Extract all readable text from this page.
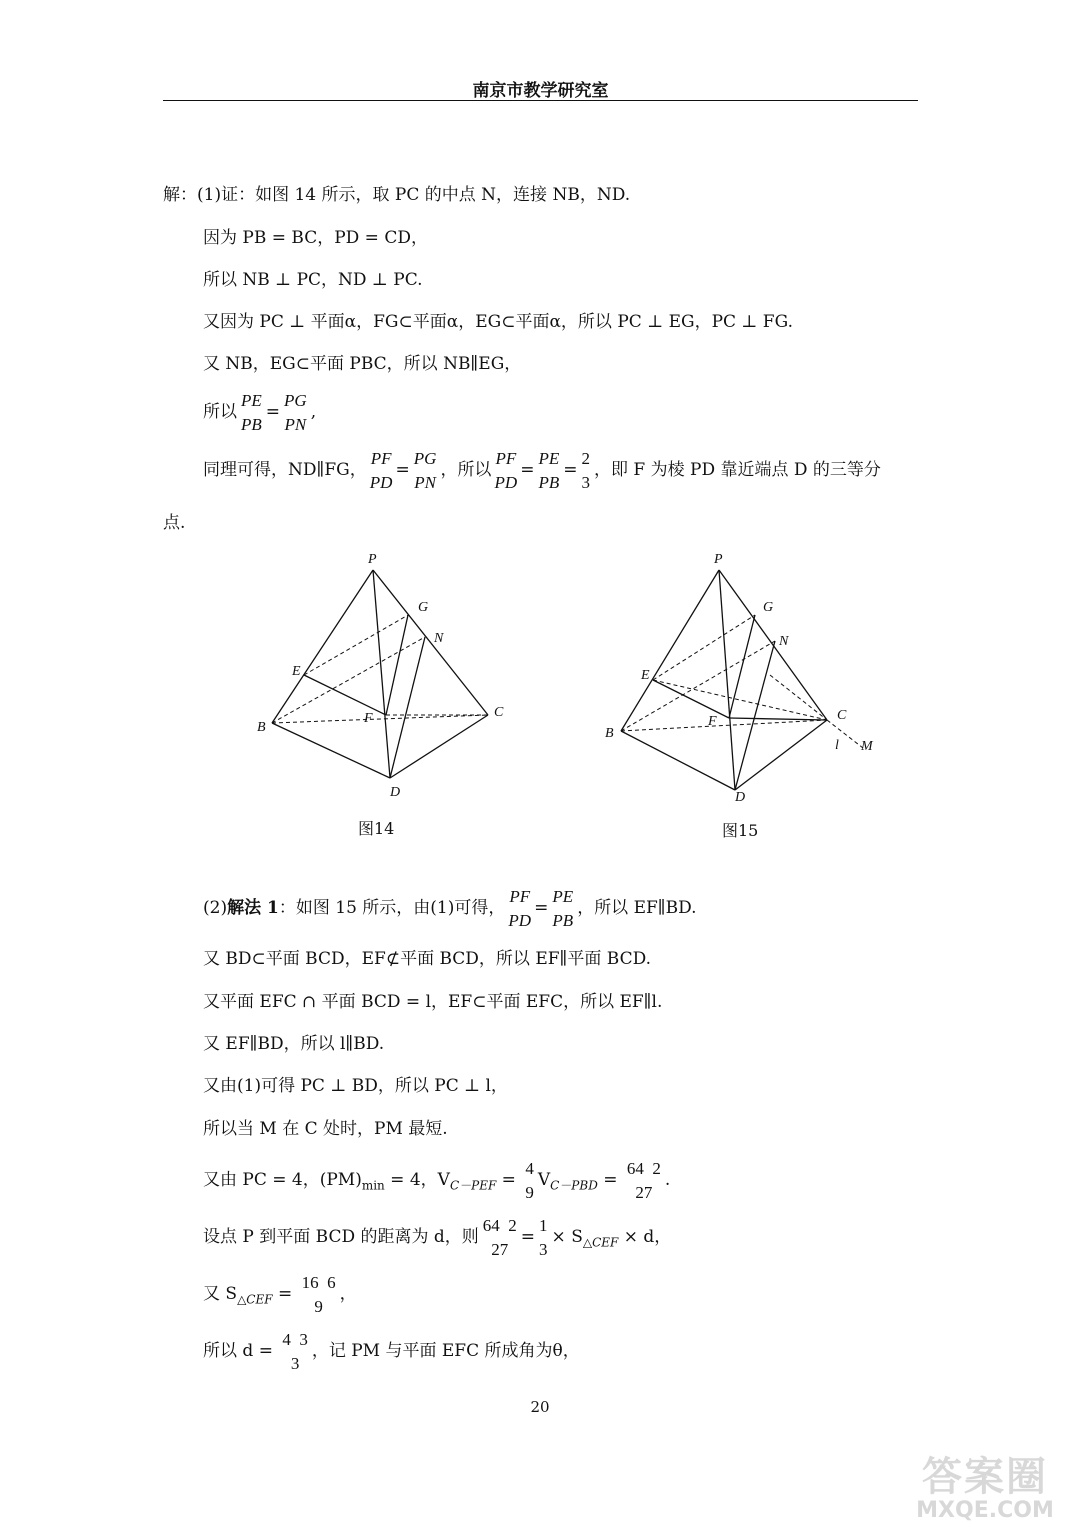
南京市教学研究室
解：(1)证：如图 14 所示，取 PC 的中点 N，连接 NB，ND.
因为 PB = BC，PD = CD，
所以 NB ⊥ PC，ND ⊥ PC.
又因为 PC ⊥ 平面α，FG⊂平面α，EG⊂平面α，所以 PC ⊥ EG，PC ⊥ FG.
又 NB，EG⊂平面 PBC，所以 NB∥EG，
所以
PE
PB
=
PG
PN
,
同理可得，ND∥FG，
PF
PD
=
PG
PN
，所以
PF
PD
=
PE
PB
=
2
3
，即 F 为棱 PD 靠近端点 D 的三等分
点.
P
G
N
E
F
B
C
D
图14
P
G
N
E
F
B
C
l M
D
图15
(2)解法 1：如图 15 所示，由(1)可得，
PF
PD
=
PE
PB
，所以 EF∥BD.
又 BD⊂平面 BCD，EF⊄平面 BCD，所以 EF∥平面 BCD.
又平面 EFC ∩ 平面 BCD = l，EF⊂平面 EFC，所以 EF∥l.
又 EF∥BD，所以 l∥BD.
又由(1)可得 PC ⊥ BD，所以 PC ⊥ l，
所以当 M 在 C 处时，PM 最短.
又由 PC = 4，$(PM)_{min} = 4$，$V_{C-PEF}$ =
4
9
$V_{C-PBD}$ =
64 2
27
.
设点 P 到平面 BCD 的距离为 d，则
64 2
27
=
1
3
× $S_{\triangle CEF} \times d$，
又 $S_{\triangle CEF}$ =
16 6
9
，
所以 d =
4 3
3
，记 PM 与平面 EFC 所成角为θ，
20
答案圈
MXQE.COM
